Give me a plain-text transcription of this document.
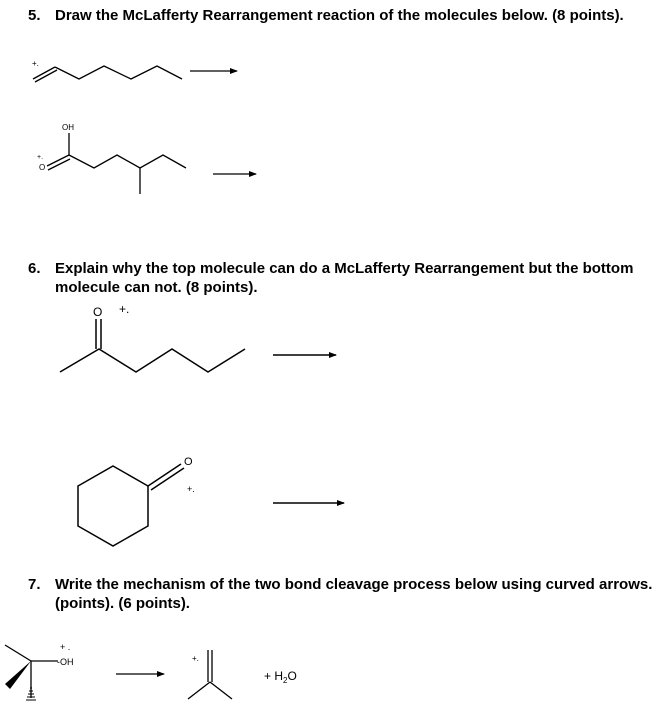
5. Draw the McLafferty Rearrangement reaction of the molecules below. (8 points).
6. Explain why the top molecule can do a McLafferty Rearrangement but the bottom
molecule can not. (8 points).
7. Write the mechanism of the two bond cleavage process below using curved arrows.
(points). (6 points).
+.
OH
O
+.
O +.
O
+.
-OH
+ .
+.
+ $H_2O$
